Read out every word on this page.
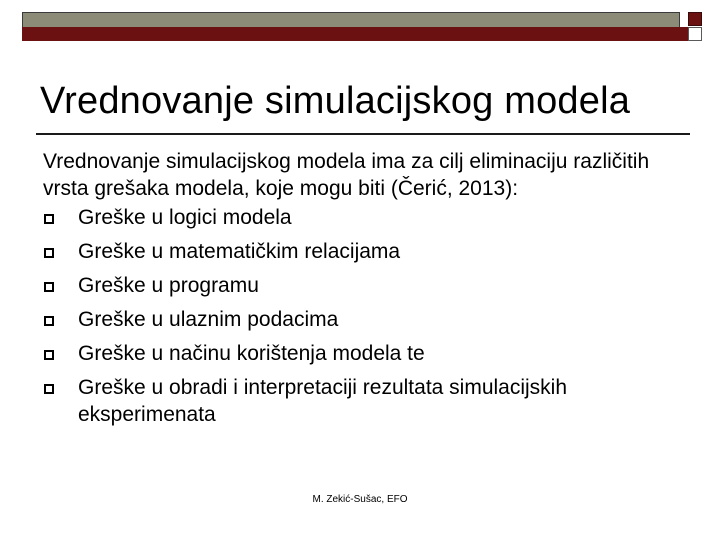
Vrednovanje simulacijskog modela

Vrednovanje simulacijskog modela ima za cilj eliminaciju različitih vrsta grešaka modela, koje mogu biti (Čerić, 2013):

Greške u logici modela
Greške u matematičkim relacijama
Greške u programu
Greške u ulaznim podacima
Greške u načinu korištenja modela te
Greške u obradi i interpretaciji rezultata simulacijskih eksperimenata
M. Zekić-Sušac, EFO
